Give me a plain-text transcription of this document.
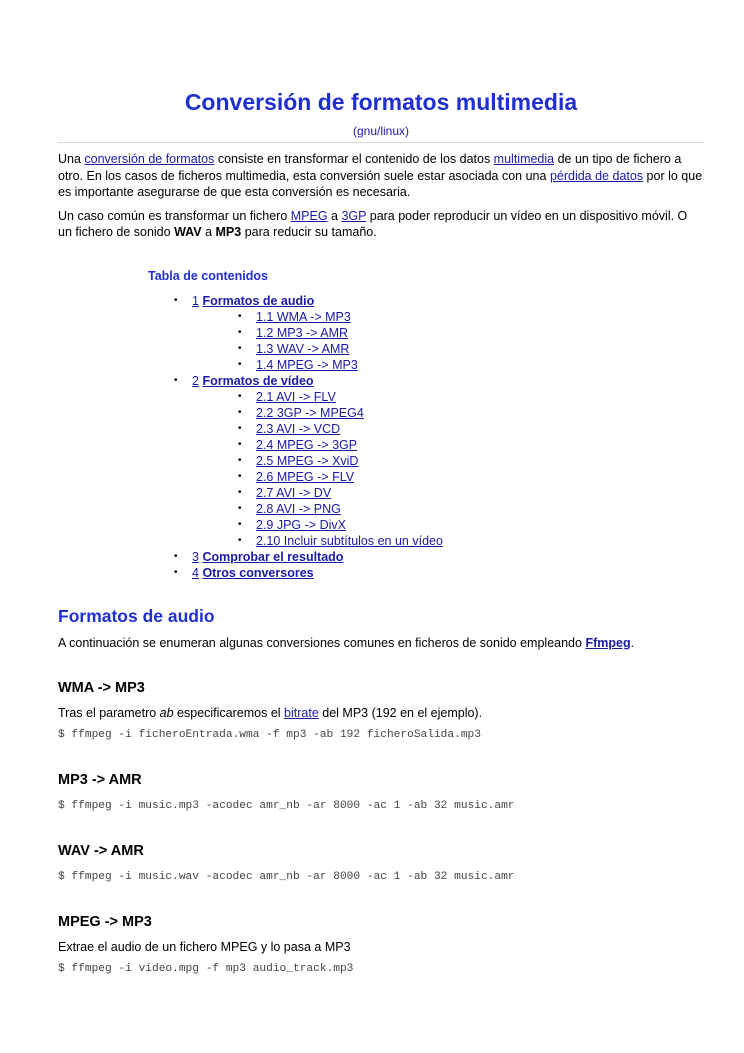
Conversión de formatos multimedia
(gnu/linux)

Una conversión de formatos consiste en transformar el contenido de los datos multimedia de un tipo de fichero a otro. En los casos de ficheros multimedia, esta conversión suele estar asociada con una pérdida de datos por lo que es importante asegurarse de que esta conversión es necesaria.

Un caso común es transformar un fichero MPEG a 3GP para poder reproducir un vídeo en un dispositivo móvil. O un fichero de sonido WAV a MP3 para reducir su tamaño.

Tabla de contenidos
• 1 Formatos de audio
• 1.1 WMA -> MP3
• 1.2 MP3 -> AMR
• 1.3 WAV -> AMR
• 1.4 MPEG -> MP3
• 2 Formatos de vídeo
• 2.1 AVI -> FLV
• 2.2 3GP -> MPEG4
• 2.3 AVI -> VCD
• 2.4 MPEG -> 3GP
• 2.5 MPEG -> XviD
• 2.6 MPEG -> FLV
• 2.7 AVI -> DV
• 2.8 AVI -> PNG
• 2.9 JPG -> DivX
• 2.10 Incluir subtítulos en un vídeo
• 3 Comprobar el resultado
• 4 Otros conversores
Formatos de audio

A continuación se enumeran algunas conversiones comunes en ficheros de sonido empleando Ffmpeg.

WMA -> MP3

Tras el parametro ab especificaremos el bitrate del MP3 (192 en el ejemplo).

$ ffmpeg -i ficheroEntrada.wma -f mp3 -ab 192 ficheroSalida.mp3
MP3 -> AMR
$ ffmpeg -i music.mp3 -acodec amr_nb -ar 8000 -ac 1 -ab 32 music.amr
WAV -> AMR
$ ffmpeg -i music.wav -acodec amr_nb -ar 8000 -ac 1 -ab 32 music.amr
MPEG -> MP3

Extrae el audio de un fichero MPEG y lo pasa a MP3

$ ffmpeg -i video.mpg -f mp3 audio_track.mp3
